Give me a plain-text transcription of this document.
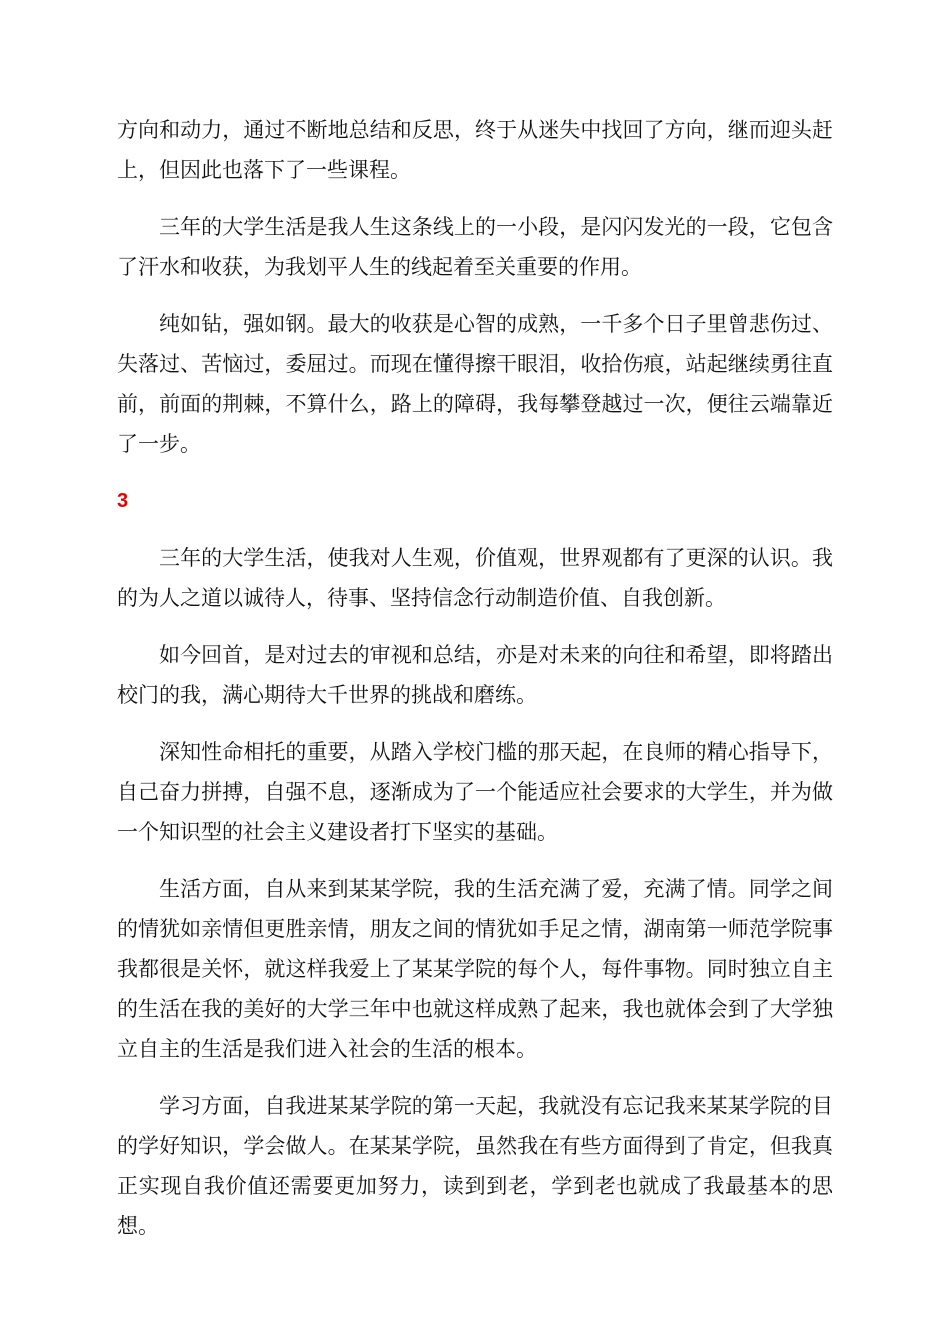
方向和动力，通过不断地总结和反思，终于从迷失中找回了方向，继而迎头赶上，但因此也落下了一些课程。

三年的大学生活是我人生这条线上的一小段，是闪闪发光的一段，它包含了汗水和收获，为我划平人生的线起着至关重要的作用。

纯如钻，强如钢。最大的收获是心智的成熟，一千多个日子里曾悲伤过、失落过、苦恼过，委屈过。而现在懂得擦干眼泪，收拾伤痕，站起继续勇往直前，前面的荆棘，不算什么，路上的障碍，我每攀登越过一次，便往云端靠近了一步。

3

三年的大学生活，使我对人生观，价值观，世界观都有了更深的认识。我的为人之道以诚待人，待事、坚持信念行动制造价值、自我创新。

如今回首，是对过去的审视和总结，亦是对未来的向往和希望，即将踏出校门的我，满心期待大千世界的挑战和磨练。

深知性命相托的重要，从踏入学校门槛的那天起，在良师的精心指导下，自己奋力拼搏，自强不息，逐渐成为了一个能适应社会要求的大学生，并为做一个知识型的社会主义建设者打下坚实的基础。

生活方面，自从来到某某学院，我的生活充满了爱，充满了情。同学之间的情犹如亲情但更胜亲情，朋友之间的情犹如手足之情，湖南第一师范学院事我都很是关怀，就这样我爱上了某某学院的每个人，每件事物。同时独立自主的生活在我的美好的大学三年中也就这样成熟了起来，我也就体会到了大学独立自主的生活是我们进入社会的生活的根本。

学习方面，自我进某某学院的第一天起，我就没有忘记我来某某学院的目的学好知识，学会做人。在某某学院，虽然我在有些方面得到了肯定，但我真正实现自我价值还需要更加努力，读到到老，学到老也就成了我最基本的思想。
